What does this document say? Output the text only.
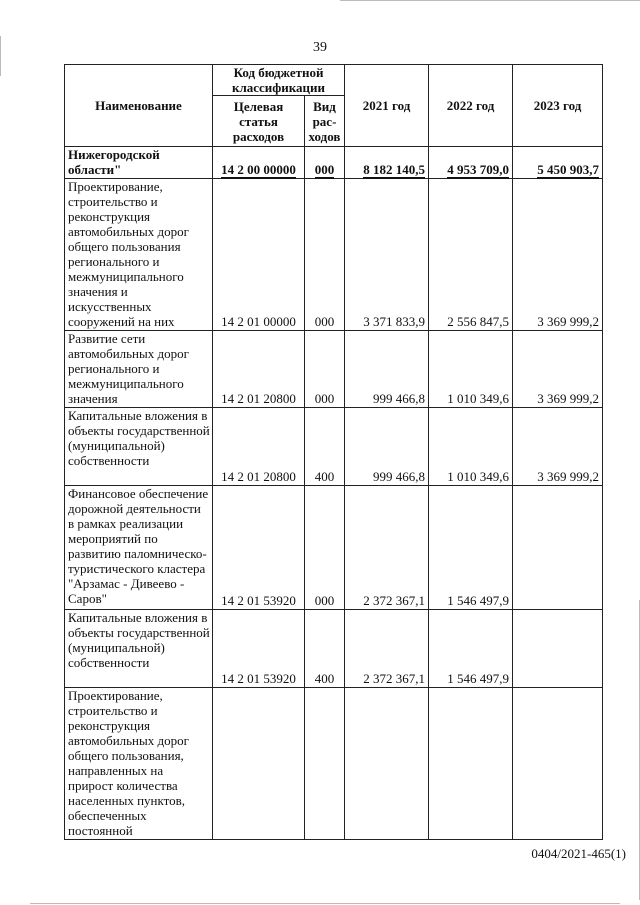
39
Наименование	Код бюджетной классификации		2021 год	2022 год	2023 год
	Целевая статья расходов	Вид рас-ходов			
Нижегородской области"	14 2 00 00000	000	8 182 140,5	4 953 709,0	5 450 903,7
Проектирование, строительство и реконструкция автомобильных дорог общего пользования регионального и межмуниципального значения и искусственных сооружений на них	14 2 01 00000	000	3 371 833,9	2 556 847,5	3 369 999,2
Развитие сети автомобильных дорог регионального и межмуниципального значения	14 2 01 20800	000	999 466,8	1 010 349,6	3 369 999,2
Капитальные вложения в объекты государственной (муниципальной) собственности	14 2 01 20800	400	999 466,8	1 010 349,6	3 369 999,2
Финансовое обеспечение дорожной деятельности в рамках реализации мероприятий по развитию паломническо-туристического кластера "Арзамас - Дивеево - Саров"	14 2 01 53920	000	2 372 367,1	1 546 497,9	
Капитальные вложения в объекты государственной (муниципальной) собственности	14 2 01 53920	400	2 372 367,1	1 546 497,9	
Проектирование, строительство и реконструкция автомобильных дорог общего пользования, направленных на прирост количества населенных пунктов, обеспеченных постоянной					
0404/2021-465(1)
